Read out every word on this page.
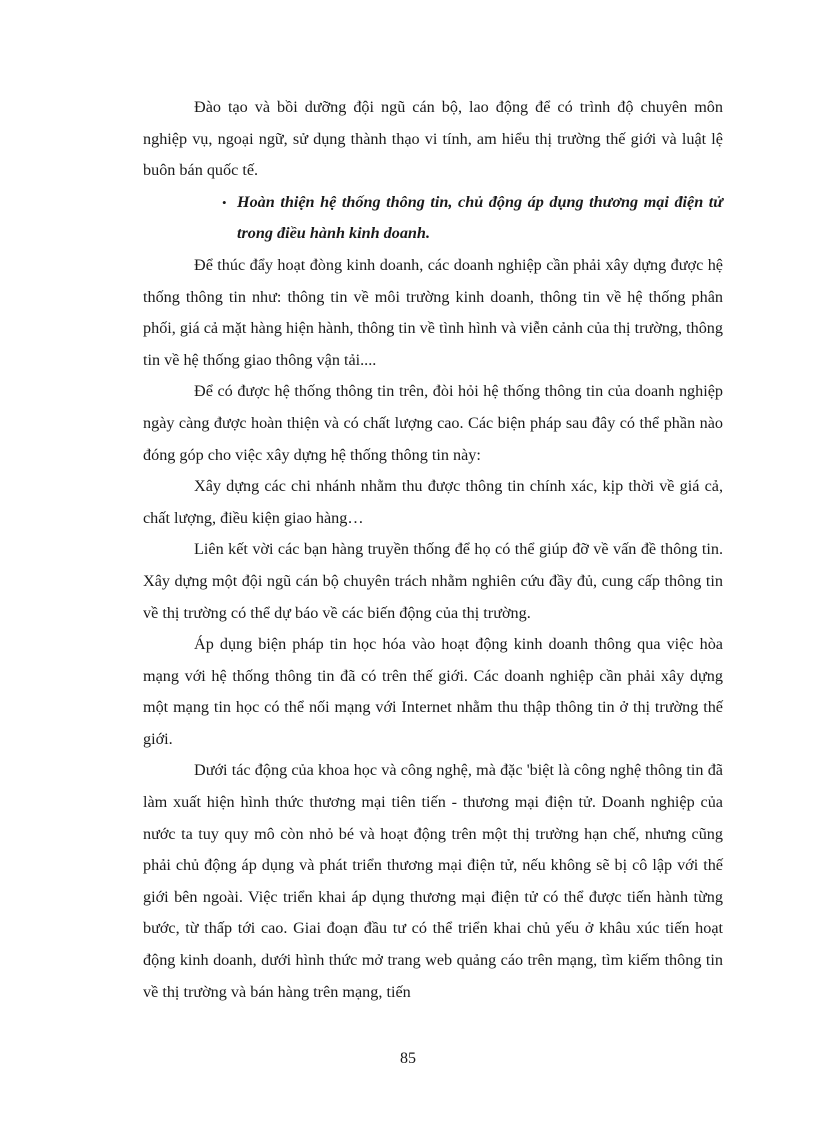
Đào tạo và bồi dưỡng đội ngũ cán bộ, lao động để có trình độ chuyên môn nghiệp vụ, ngoại ngữ, sử dụng thành thạo vi tính, am hiểu thị trường thế giới và luật lệ buôn bán quốc tế.

• Hoàn thiện hệ thống thông tin, chủ động áp dụng thương mại điện tử trong điều hành kinh doanh.

Để thúc đẩy hoạt đòng kinh doanh, các doanh nghiệp cần phải xây dựng được hệ thống thông tin như: thông tin về môi trường kinh doanh, thông tin về hệ thống phân phối, giá cả mặt hàng hiện hành, thông tin về tình hình và viễn cảnh của thị trường, thông tin về hệ thống giao thông vận tải....

Để có được hệ thống thông tin trên, đòi hỏi hệ thống thông tin của doanh nghiệp ngày càng được hoàn thiện và có chất lượng cao. Các biện pháp sau đây có thể phần nào đóng góp cho việc xây dựng hệ thống thông tin này:

Xây dựng các chi nhánh nhằm thu được thông tin chính xác, kịp thời về giá cả, chất lượng, điều kiện giao hàng…

Liên kết vời các bạn hàng truyền thống để họ có thể giúp đỡ về vấn đề thông tin. Xây dựng một đội ngũ cán bộ chuyên trách nhằm nghiên cứu đầy đủ, cung cấp thông tin về thị trường có thể dự báo về các biến động của thị trường.

Áp dụng biện pháp tin học hóa vào hoạt động kinh doanh thông qua việc hòa mạng với hệ thống thông tin đã có trên thế giới. Các doanh nghiệp cần phải xây dựng một mạng tin học có thể nối mạng với Internet nhằm thu thập thông tin ở thị trường thế giới.

Dưới tác động của khoa học và công nghệ, mà đặc 'biệt là công nghệ thông tin đã làm xuất hiện hình thức thương mại tiên tiến - thương mại điện tử. Doanh nghiệp của nước ta tuy quy mô còn nhỏ bé và hoạt động trên một thị trường hạn chế, nhưng cũng phải chủ động áp dụng và phát triển thương mại điện tử, nếu không sẽ bị cô lập với thế giới bên ngoài. Việc triển khai áp dụng thương mại điện tử có thể được tiến hành từng bước, từ thấp tới cao. Giai đoạn đầu tư có thể triển khai chủ yếu ở khâu xúc tiến hoạt động kinh doanh, dưới hình thức mở trang web quảng cáo trên mạng, tìm kiếm thông tin về thị trường và bán hàng trên mạng, tiến

85
